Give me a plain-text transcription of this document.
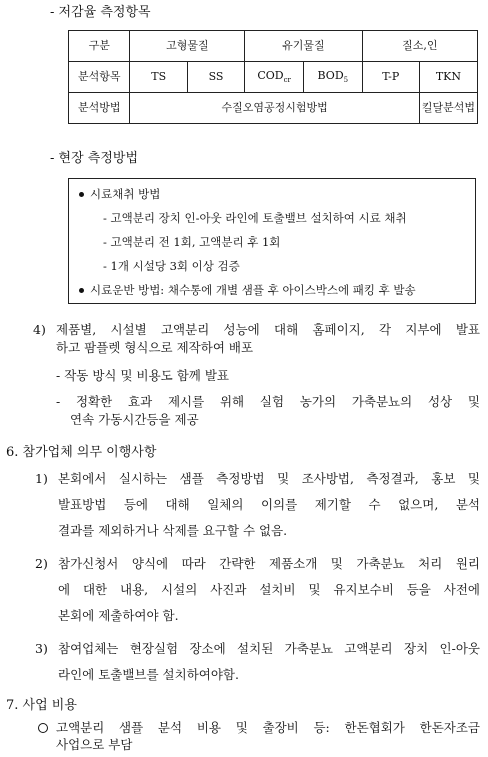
- 저감율 측정항목
구분	고형물질		유기물질		질소,인	
분석항목	TS	SS	$COD_{cr}$	$BOD_5$	T-P	TKN
분석방법	수질오염공정시험방법					킬달분석법
- 현장 측정방법
시료채취 방법
- 고액분리 장치 인-아웃 라인에 토출밸브 설치하여 시료 채취
- 고액분리 전 1회, 고액분리 후 1회
- 1개 시설당 3회 이상 검증
시료운반 방법: 채수통에 개별 샘플 후 아이스박스에 패킹 후 발송
4) 제품별, 시설별 고액분리 성능에 대해 홈페이지, 각 지부에 발표
하고 팜플렛 형식으로 제작하여 배포
- 작동 방식 및 비용도 함께 발표
- 정확한 효과 제시를 위해 실험 농가의 가축분뇨의 성상 및
연속 가동시간등을 제공
6. 참가업체 의무 이행사항
1) 본회에서 실시하는 샘플 측정방법 및 조사방법, 측정결과, 홍보 및
발표방법 등에 대해 일체의 이의를 제기할 수 없으며, 분석
결과를 제외하거나 삭제를 요구할 수 없음.
2) 참가신청서 양식에 따라 간략한 제품소개 및 가축분뇨 처리 원리
에 대한 내용, 시설의 사진과 설치비 및 유지보수비 등을 사전에
본회에 제출하여야 함.
3) 참여업체는 현장실험 장소에 설치된 가축분뇨 고액분리 장치 인-아웃
라인에 토출밸브를 설치하여야함.
7. 사업 비용
고액분리 샘플 분석 비용 및 출장비 등: 한돈협회가 한돈자조금
사업으로 부담
